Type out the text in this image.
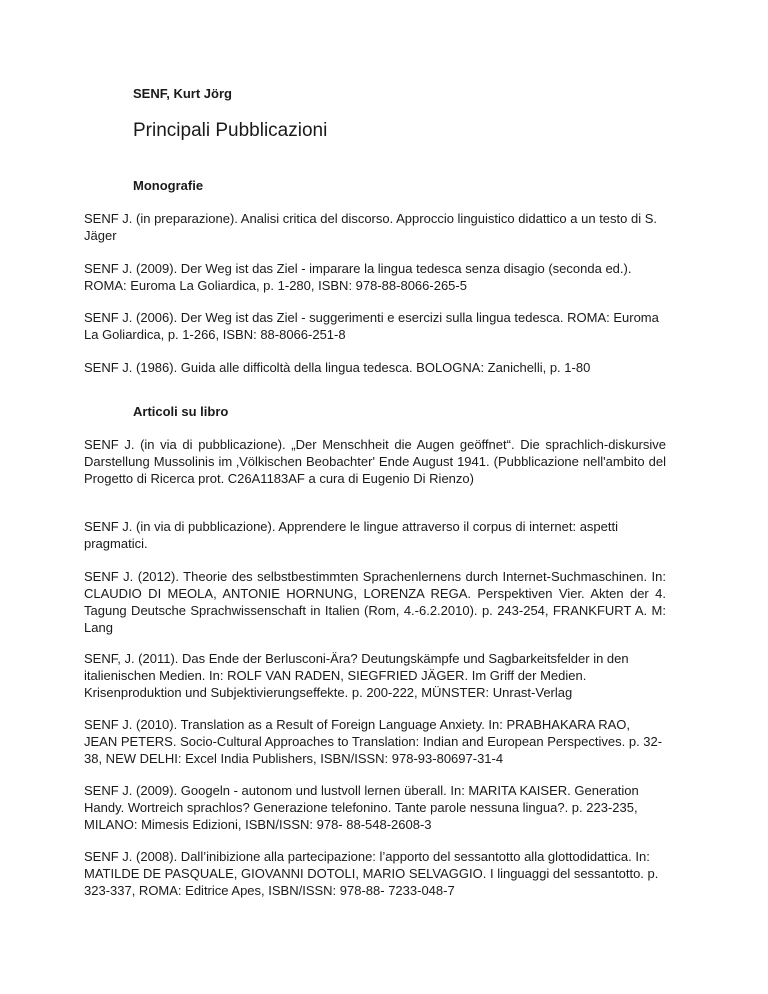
SENF, Kurt Jörg
Principali Pubblicazioni
Monografie

SENF J. (in preparazione). Analisi critica del discorso. Approccio linguistico didattico a un testo di S. Jäger

SENF J. (2009). Der Weg ist das Ziel - imparare la lingua tedesca senza disagio (seconda ed.). ROMA: Euroma La Goliardica, p. 1-280, ISBN: 978-88-8066-265-5

SENF J. (2006). Der Weg ist das Ziel - suggerimenti e esercizi sulla lingua tedesca. ROMA: Euroma La Goliardica, p. 1-266, ISBN: 88-8066-251-8

SENF J. (1986). Guida alle difficoltà della lingua tedesca. BOLOGNA: Zanichelli, p. 1-80

Articoli su libro

SENF J. (in via di pubblicazione). „Der Menschheit die Augen geöffnet“. Die sprachlich-diskursive Darstellung Mussolinis im ‚Völkischen Beobachter' Ende August 1941. (Pubblicazione nell'ambito del Progetto di Ricerca prot. C26A1183AF a cura di Eugenio Di Rienzo)

SENF J. (in via di pubblicazione). Apprendere le lingue attraverso il corpus di internet: aspetti pragmatici.

SENF J. (2012). Theorie des selbstbestimmten Sprachenlernens durch Internet-Suchmaschinen. In: CLAUDIO DI MEOLA, ANTONIE HORNUNG, LORENZA REGA. Perspektiven Vier. Akten der 4. Tagung Deutsche Sprachwissenschaft in Italien (Rom, 4.-6.2.2010). p. 243-254, FRANKFURT A. M: Lang

SENF, J. (2011). Das Ende der Berlusconi-Ära? Deutungskämpfe und Sagbarkeitsfelder in den italienischen Medien. In: ROLF VAN RADEN, SIEGFRIED JÄGER. Im Griff der Medien. Krisenproduktion und Subjektivierungseffekte. p. 200-222, MÜNSTER: Unrast-Verlag

SENF J. (2010). Translation as a Result of Foreign Language Anxiety. In: PRABHAKARA RAO, JEAN PETERS. Socio-Cultural Approaches to Translation: Indian and European Perspectives. p. 32-38, NEW DELHI: Excel India Publishers, ISBN/ISSN: 978-93-80697-31-4

SENF J. (2009). Googeln - autonom und lustvoll lernen überall. In: MARITA KAISER. Generation Handy. Wortreich sprachlos? Generazione telefonino. Tante parole nessuna lingua?. p. 223-235, MILANO: Mimesis Edizioni, ISBN/ISSN: 978- 88-548-2608-3

SENF J. (2008). Dall’inibizione alla partecipazione: l’apporto del sessantotto alla glottodidattica. In: MATILDE DE PASQUALE, GIOVANNI DOTOLI, MARIO SELVAGGIO. I linguaggi del sessantotto. p. 323-337, ROMA: Editrice Apes, ISBN/ISSN: 978-88- 7233-048-7
